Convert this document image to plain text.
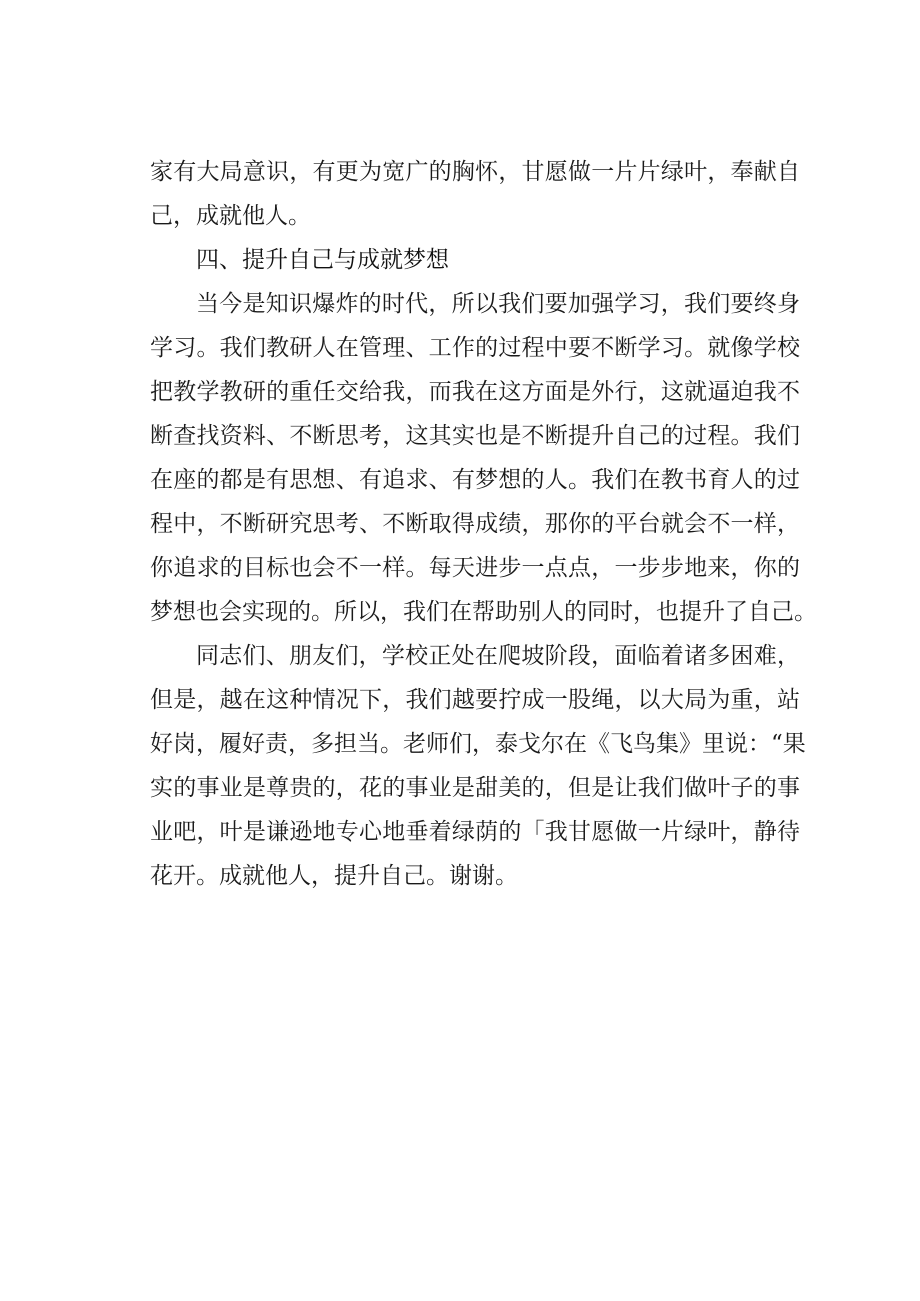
家有大局意识，有更为宽广的胸怀，甘愿做一片片绿叶，奉献自
己，成就他人。
四、提升自己与成就梦想
当今是知识爆炸的时代，所以我们要加强学习，我们要终身
学习。我们教研人在管理、工作的过程中要不断学习。就像学校
把教学教研的重任交给我，而我在这方面是外行，这就逼迫我不
断查找资料、不断思考，这其实也是不断提升自己的过程。我们
在座的都是有思想、有追求、有梦想的人。我们在教书育人的过
程中，不断研究思考、不断取得成绩，那你的平台就会不一样，
你追求的目标也会不一样。每天进步一点点，一步步地来，你的
梦想也会实现的。所以，我们在帮助别人的同时，也提升了自己。
同志们、朋友们，学校正处在爬坡阶段，面临着诸多困难，
但是，越在这种情况下，我们越要拧成一股绳，以大局为重，站
好岗，履好责，多担当。老师们，泰戈尔在《飞鸟集》里说：“果
实的事业是尊贵的，花的事业是甜美的，但是让我们做叶子的事
业吧，叶是谦逊地专心地垂着绿荫的「我甘愿做一片绿叶，静待
花开。成就他人，提升自己。谢谢。
